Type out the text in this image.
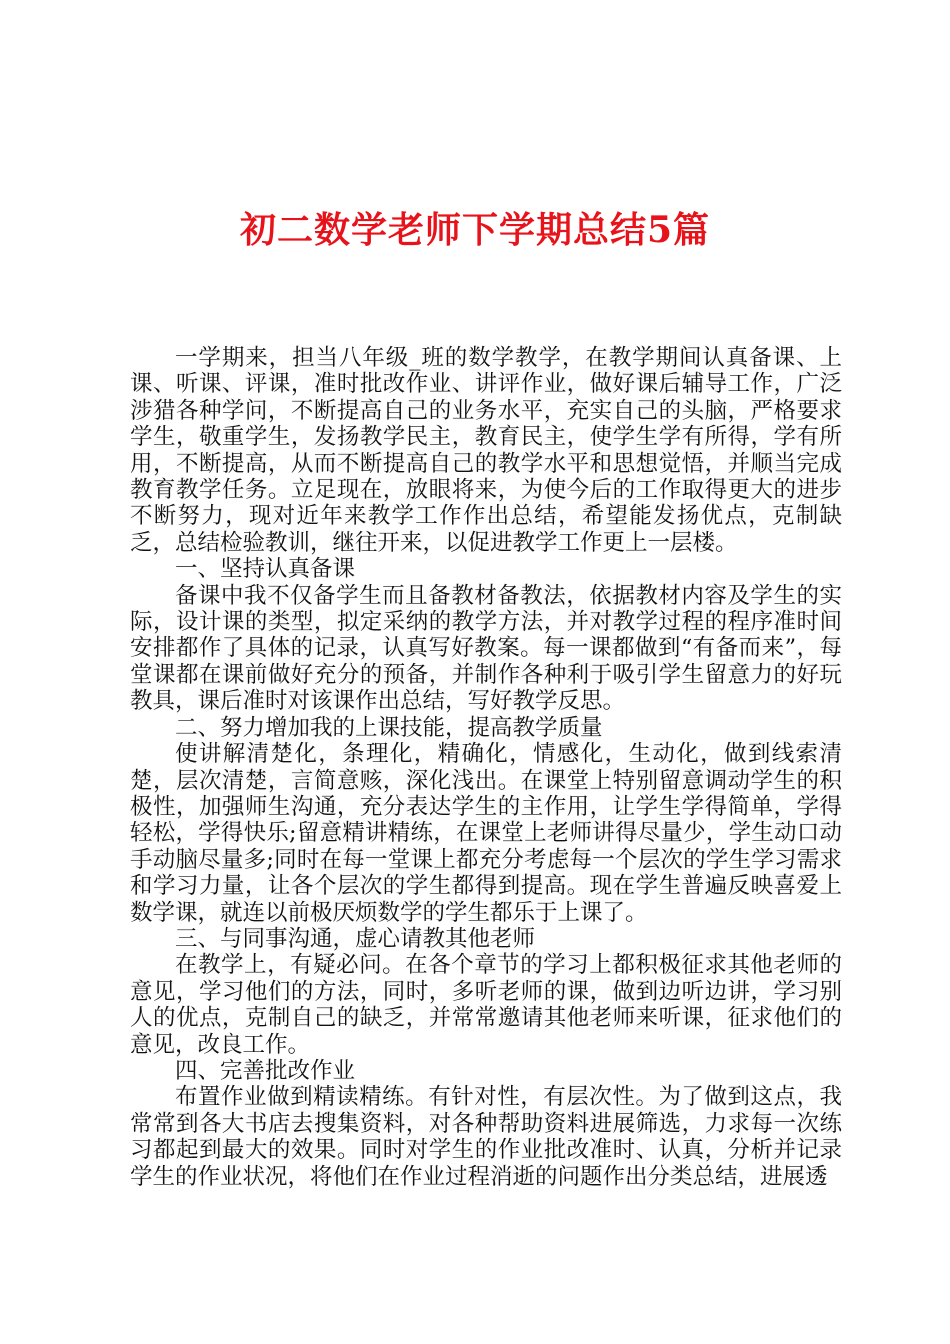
初二数学老师下学期总结5篇

一学期来，担当八年级_班的数学教学，在教学期间认真备课、上课、听课、评课，准时批改作业、讲评作业，做好课后辅导工作，广泛涉猎各种学问，不断提高自己的业务水平，充实自己的头脑，严格要求学生，敬重学生，发扬教学民主，教育民主，使学生学有所得，学有所用，不断提高，从而不断提高自己的教学水平和思想觉悟，并顺当完成教育教学任务。立足现在，放眼将来，为使今后的工作取得更大的进步不断努力，现对近年来教学工作作出总结，希望能发扬优点，克制缺乏，总结检验教训，继往开来，以促进教学工作更上一层楼。

一、坚持认真备课

备课中我不仅备学生而且备教材备教法，依据教材内容及学生的实际，设计课的类型，拟定采纳的教学方法，并对教学过程的程序准时间安排都作了具体的记录，认真写好教案。每一课都做到“有备而来”，每堂课都在课前做好充分的预备，并制作各种利于吸引学生留意力的好玩教具，课后准时对该课作出总结，写好教学反思。

二、努力增加我的上课技能，提高教学质量

使讲解清楚化，条理化，精确化，情感化，生动化，做到线索清楚，层次清楚，言简意赅，深化浅出。在课堂上特别留意调动学生的积极性，加强师生沟通，充分表达学生的主作用，让学生学得简单，学得轻松，学得快乐;留意精讲精练，在课堂上老师讲得尽量少，学生动口动手动脑尽量多;同时在每一堂课上都充分考虑每一个层次的学生学习需求和学习力量，让各个层次的学生都得到提高。现在学生普遍反映喜爱上数学课，就连以前极厌烦数学的学生都乐于上课了。

三、与同事沟通，虚心请教其他老师

在教学上，有疑必问。在各个章节的学习上都积极征求其他老师的意见，学习他们的方法，同时，多听老师的课，做到边听边讲，学习别人的优点，克制自己的缺乏，并常常邀请其他老师来听课，征求他们的意见，改良工作。

四、完善批改作业

布置作业做到精读精练。有针对性，有层次性。为了做到这点，我常常到各大书店去搜集资料，对各种帮助资料进展筛选，力求每一次练习都起到最大的效果。同时对学生的作业批改准时、认真，分析并记录学生的作业状况，将他们在作业过程消逝的问题作出分类总结，进展透
